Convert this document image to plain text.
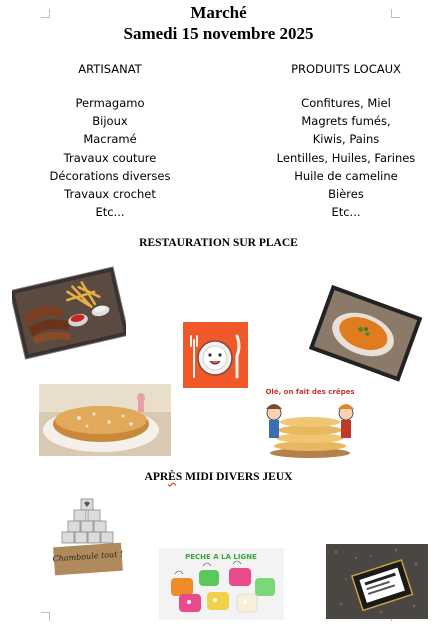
Marché
Samedi 15 novembre 2025
ARTISANAT
Permagamo
Bijoux
Macramé
Travaux couture
Décorations diverses
Travaux crochet
Etc...
PRODUITS LOCAUX
Confitures, Miel
Magrets fumés,
Kiwis, Pains
Lentilles, Huiles, Farines
Huile de cameline
Bières
Etc...
RESTAURATION SUR PLACE
Olé, on fait des crêpes
APRÈS MIDI DIVERS JEUX
Chamboule tout !	PECHE A LA LIGNE
